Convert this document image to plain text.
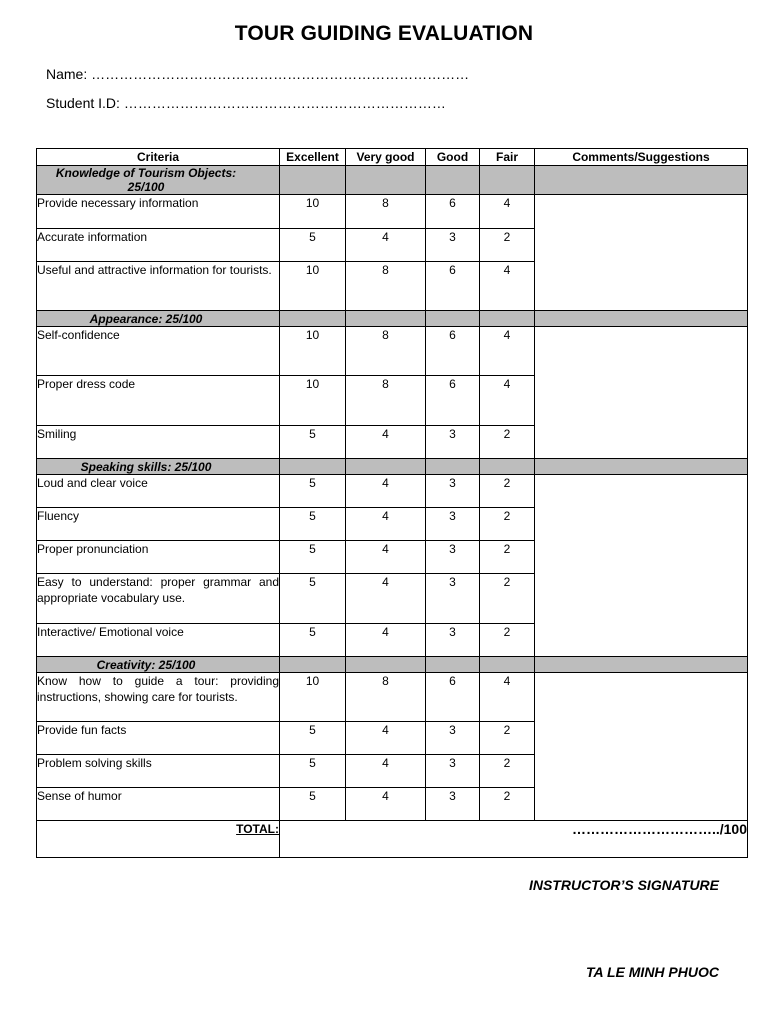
TOUR GUIDING EVALUATION
Name: ………………………………………………………………………
Student I.D: ……………………………………………………………
Criteria	Excellent	Very good	Good	Fair	Comments/Suggestions
Knowledge of Tourism Objects: 25/100					
Provide necessary information	10	8	6	4	
Accurate information	5	4	3	2	
Useful and attractive information for tourists.	10	8	6	4	
Appearance: 25/100					
Self-confidence	10	8	6	4	
Proper dress code	10	8	6	4	
Smiling	5	4	3	2	
Speaking skills: 25/100					
Loud and clear voice	5	4	3	2	
Fluency	5	4	3	2	
Proper pronunciation	5	4	3	2	
Easy to understand: proper grammar and appropriate vocabulary use.	5	4	3	2	
Interactive/ Emotional voice	5	4	3	2	
Creativity: 25/100					
Know how to guide a tour: providing instructions, showing care for tourists.	10	8	6	4	
Provide fun facts	5	4	3	2	
Problem solving skills	5	4	3	2	
Sense of humor	5	4	3	2	
TOTAL:	…………………………../100				
INSTRUCTOR’S SIGNATURE
TA LE MINH PHUOC
